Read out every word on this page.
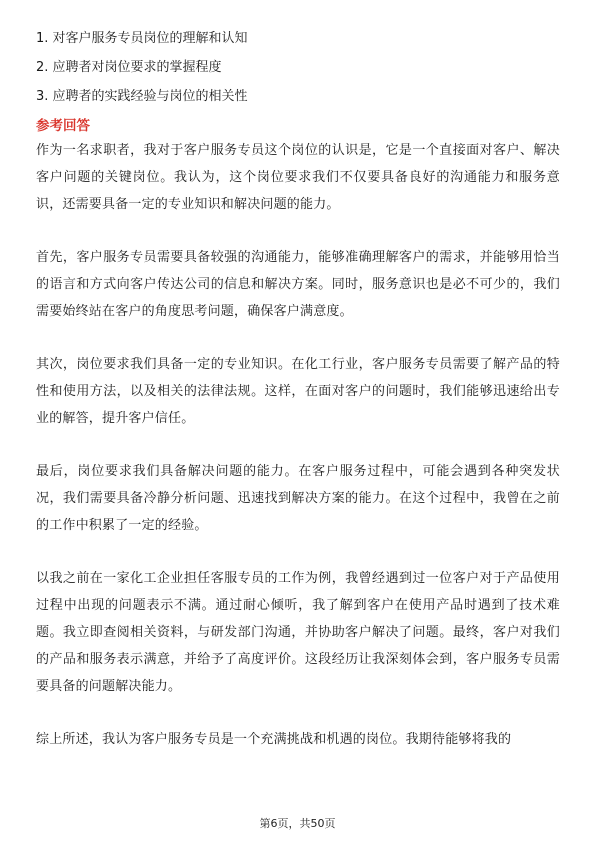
1. 对客户服务专员岗位的理解和认知
2. 应聘者对岗位要求的掌握程度
3. 应聘者的实践经验与岗位的相关性
参考回答

作为一名求职者，我对于客户服务专员这个岗位的认识是，它是一个直接面对客户、解决客户问题的关键岗位。我认为，这个岗位要求我们不仅要具备良好的沟通能力和服务意识，还需要具备一定的专业知识和解决问题的能力。

首先，客户服务专员需要具备较强的沟通能力，能够准确理解客户的需求，并能够用恰当的语言和方式向客户传达公司的信息和解决方案。同时，服务意识也是必不可少的，我们需要始终站在客户的角度思考问题，确保客户满意度。

其次，岗位要求我们具备一定的专业知识。在化工行业，客户服务专员需要了解产品的特性和使用方法，以及相关的法律法规。这样，在面对客户的问题时，我们能够迅速给出专业的解答，提升客户信任。

最后，岗位要求我们具备解决问题的能力。在客户服务过程中，可能会遇到各种突发状况，我们需要具备冷静分析问题、迅速找到解决方案的能力。在这个过程中，我曾在之前的工作中积累了一定的经验。

以我之前在一家化工企业担任客服专员的工作为例，我曾经遇到过一位客户对于产品使用过程中出现的问题表示不满。通过耐心倾听，我了解到客户在使用产品时遇到了技术难题。我立即查阅相关资料，与研发部门沟通，并协助客户解决了问题。最终，客户对我们的产品和服务表示满意，并给予了高度评价。这段经历让我深刻体会到，客户服务专员需要具备的问题解决能力。

综上所述，我认为客户服务专员是一个充满挑战和机遇的岗位。我期待能够将我的

第6页，共50页
